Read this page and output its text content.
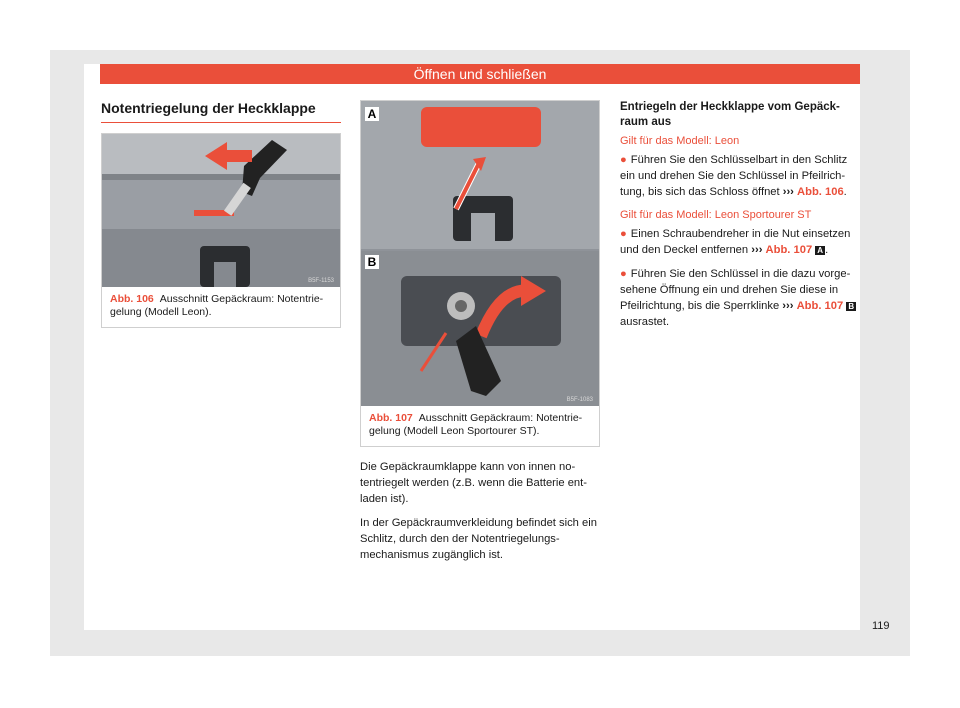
Öffnen und schließen
Notentriegelung der Heckklappe
B5F-1153
Abb. 106 Ausschnitt Gepäckraum: Notentrie-gelung (Modell Leon).
A
B
B5F-1083
Abb. 107 Ausschnitt Gepäckraum: Notentrie-gelung (Modell Leon Sportourer ST).

Die Gepäckraumklappe kann von innen no-tentriegelt werden (z.B. wenn die Batterie ent-laden ist).

In der Gepäckraumverkleidung befindet sich ein Schlitz, durch den der Notentriegelungs-mechanismus zugänglich ist.

Entriegeln der Heckklappe vom Gepäck-raum aus
Gilt für das Modell: Leon

● Führen Sie den Schlüsselbart in den Schlitz ein und drehen Sie den Schlüssel in Pfeilrich-tung, bis sich das Schloss öffnet ››› Abb. 106.

Gilt für das Modell: Leon Sportourer ST

● Einen Schraubendreher in die Nut einsetzen und den Deckel entfernen ››› Abb. 107 A .

● Führen Sie den Schlüssel in die dazu vorge-sehene Öffnung ein und drehen Sie diese in Pfeilrichtung, bis die Sperrklinke ››› Abb. 107 B ausrastet.

119
